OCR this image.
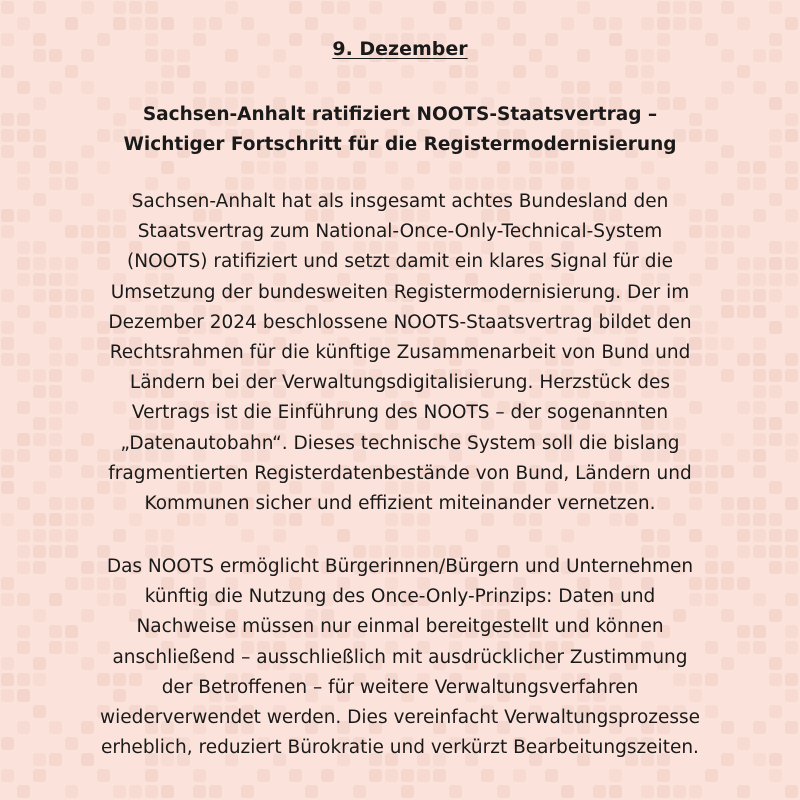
9. Dezember
Sachsen-Anhalt ratifiziert NOOTS-Staatsvertrag –
Wichtiger Fortschritt für die Registermodernisierung
Sachsen-Anhalt hat als insgesamt achtes Bundesland den
Staatsvertrag zum National-Once-Only-Technical-System
(NOOTS) ratifiziert und setzt damit ein klares Signal für die
Umsetzung der bundesweiten Registermodernisierung. Der im
Dezember 2024 beschlossene NOOTS-Staatsvertrag bildet den
Rechtsrahmen für die künftige Zusammenarbeit von Bund und
Ländern bei der Verwaltungsdigitalisierung. Herzstück des
Vertrags ist die Einführung des NOOTS – der sogenannten
„Datenautobahn“. Dieses technische System soll die bislang
fragmentierten Registerdatenbestände von Bund, Ländern und
Kommunen sicher und effizient miteinander vernetzen.
Das NOOTS ermöglicht Bürgerinnen/Bürgern und Unternehmen
künftig die Nutzung des Once-Only-Prinzips: Daten und
Nachweise müssen nur einmal bereitgestellt und können
anschließend – ausschließlich mit ausdrücklicher Zustimmung
der Betroffenen – für weitere Verwaltungsverfahren
wiederverwendet werden. Dies vereinfacht Verwaltungsprozesse
erheblich, reduziert Bürokratie und verkürzt Bearbeitungszeiten.
